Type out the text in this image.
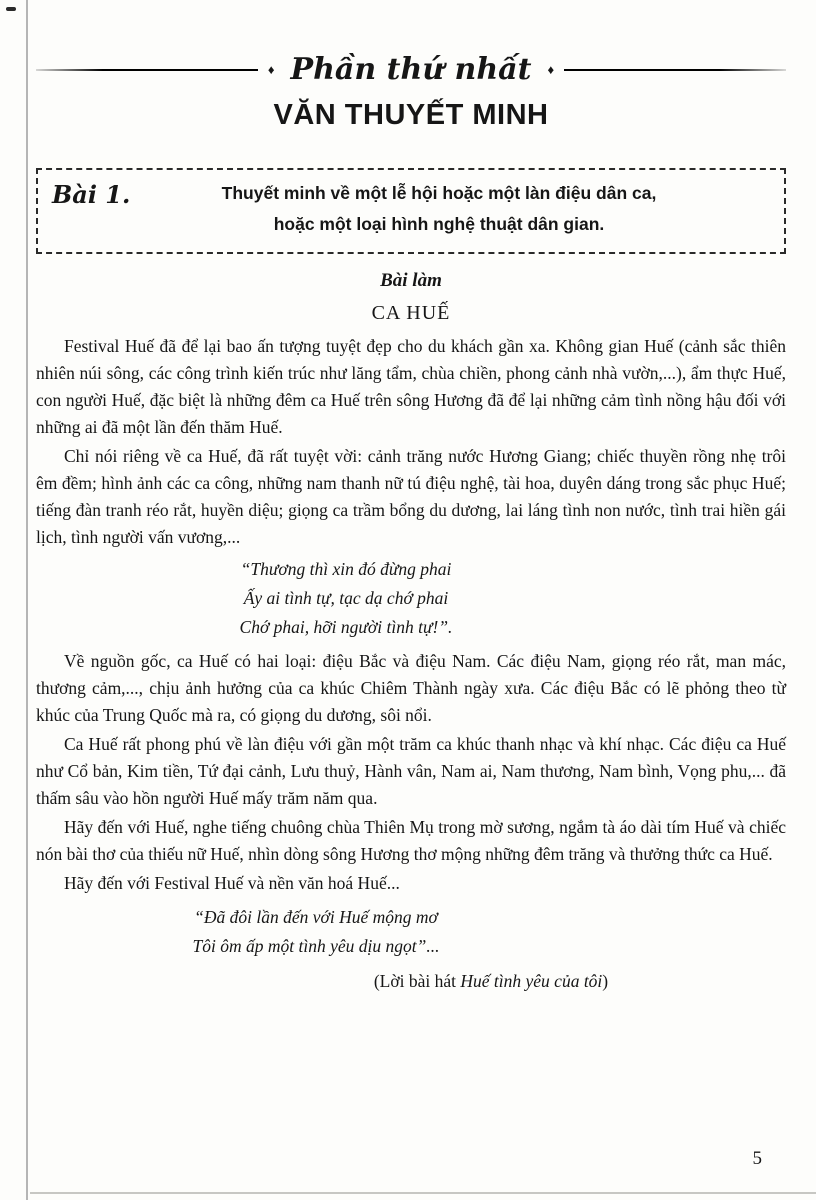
♦ Phần thứ nhất	♦
VĂN THUYẾT MINH
Bài 1.	Thuyết minh về một lễ hội hoặc một làn điệu dân ca,
hoặc một loại hình nghệ thuật dân gian.
Bài làm
CA HUẾ

Festival Huế đã để lại bao ấn tượng tuyệt đẹp cho du khách gần xa. Không gian Huế (cảnh sắc thiên nhiên núi sông, các công trình kiến trúc như lăng tẩm, chùa chiền, phong cảnh nhà vườn,...), ẩm thực Huế, con người Huế, đặc biệt là những đêm ca Huế trên sông Hương đã để lại những cảm tình nồng hậu đối với những ai đã một lần đến thăm Huế.

Chỉ nói riêng về ca Huế, đã rất tuyệt vời: cảnh trăng nước Hương Giang; chiếc thuyền rồng nhẹ trôi êm đềm; hình ảnh các ca công, những nam thanh nữ tú điệu nghệ, tài hoa, duyên dáng trong sắc phục Huế; tiếng đàn tranh réo rắt, huyền diệu; giọng ca trầm bổng du dương, lai láng tình non nước, tình trai hiền gái lịch, tình người vấn vương,...

“Thương thì xin đó đừng phai
Ấy ai tình tự, tạc dạ chớ phai
Chớ phai, hỡi người tình tự!”.

Về nguồn gốc, ca Huế có hai loại: điệu Bắc và điệu Nam. Các điệu Nam, giọng réo rắt, man mác, thương cảm,..., chịu ảnh hưởng của ca khúc Chiêm Thành ngày xưa. Các điệu Bắc có lẽ phỏng theo từ khúc của Trung Quốc mà ra, có giọng du dương, sôi nổi.

Ca Huế rất phong phú về làn điệu với gần một trăm ca khúc thanh nhạc và khí nhạc. Các điệu ca Huế như Cổ bản, Kim tiền, Tứ đại cảnh, Lưu thuỷ, Hành vân, Nam ai, Nam thương, Nam bình, Vọng phu,... đã thấm sâu vào hồn người Huế mấy trăm năm qua.

Hãy đến với Huế, nghe tiếng chuông chùa Thiên Mụ trong mờ sương, ngắm tà áo dài tím Huế và chiếc nón bài thơ của thiếu nữ Huế, nhìn dòng sông Hương thơ mộng những đêm trăng và thưởng thức ca Huế.

Hãy đến với Festival Huế và nền văn hoá Huế...

“Đã đôi lần đến với Huế mộng mơ
Tôi ôm ấp một tình yêu dịu ngọt”...
(Lời bài hát Huế tình yêu của tôi)
5
